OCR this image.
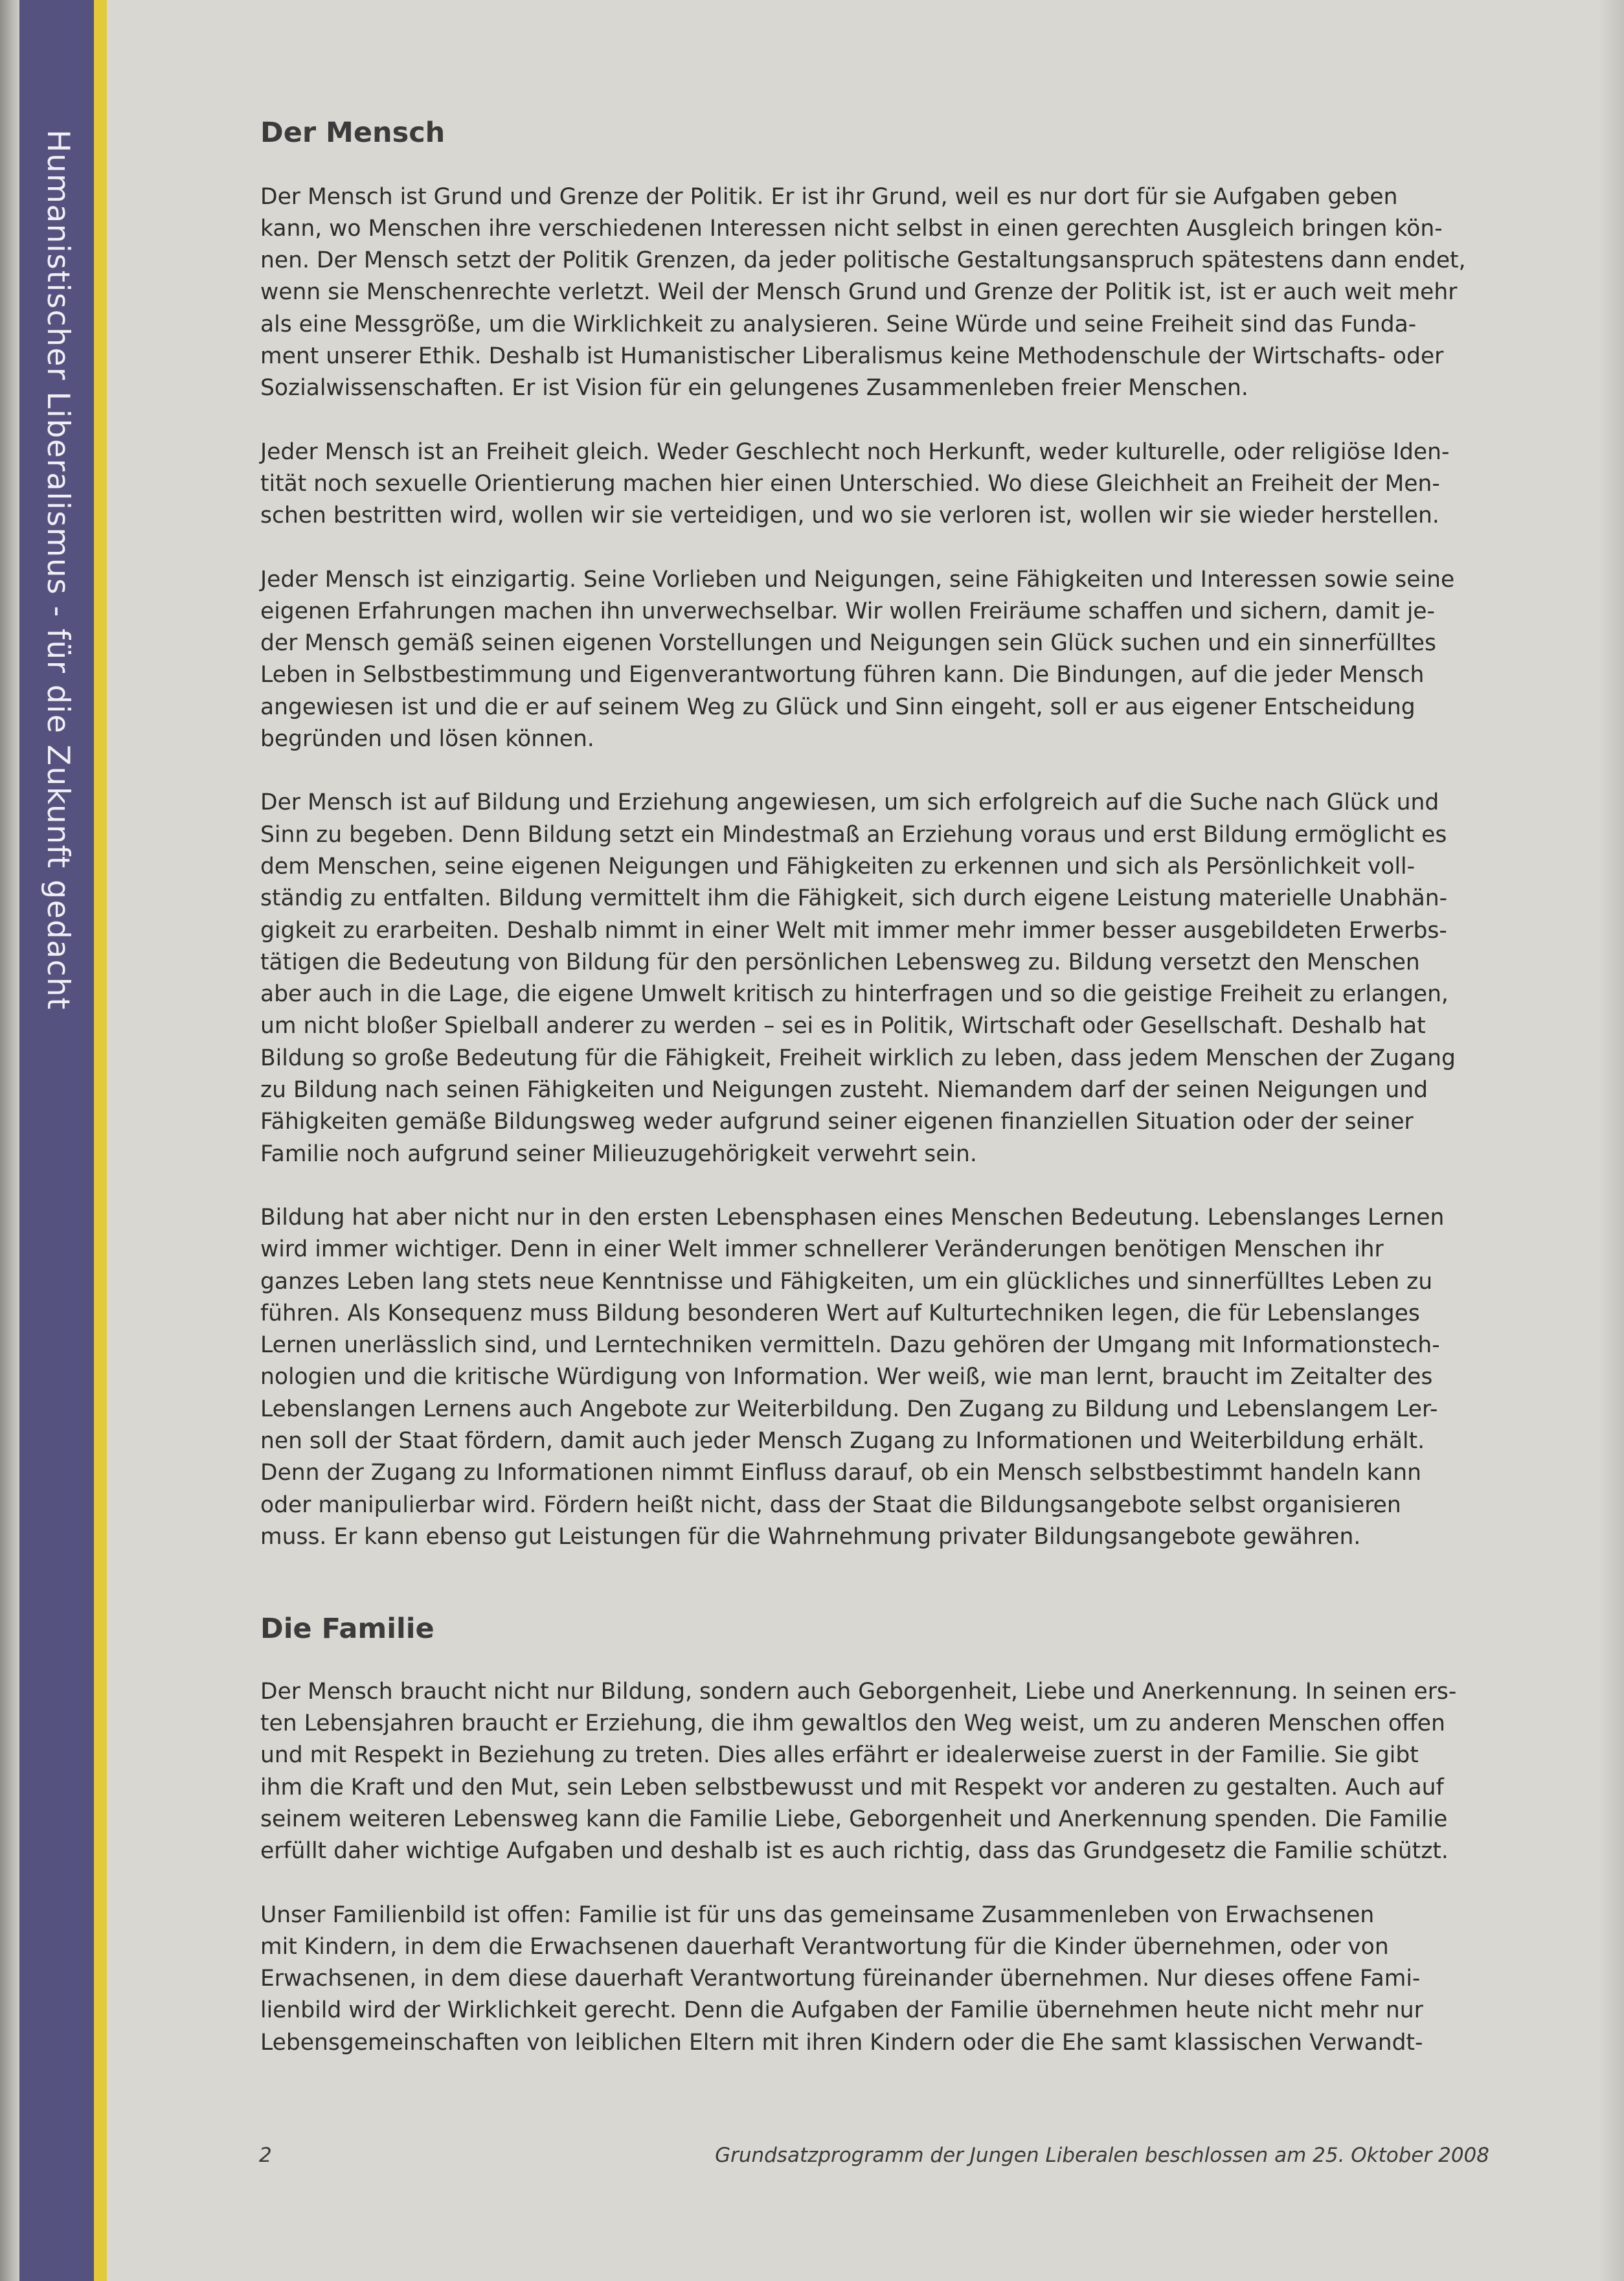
Humanistischer Liberalismus - für die Zukunft gedacht	Der Mensch

Der Mensch ist Grund und Grenze der Politik. Er ist ihr Grund, weil es nur dort für sie Aufgaben geben
kann, wo Menschen ihre verschiedenen Interessen nicht selbst in einen gerechten Ausgleich bringen kön-
nen. Der Mensch setzt der Politik Grenzen, da jeder politische Gestaltungsanspruch spätestens dann endet,
wenn sie Menschenrechte verletzt. Weil der Mensch Grund und Grenze der Politik ist, ist er auch weit mehr
als eine Messgröße, um die Wirklichkeit zu analysieren. Seine Würde und seine Freiheit sind das Funda-
ment unserer Ethik. Deshalb ist Humanistischer Liberalismus keine Methodenschule der Wirtschafts- oder
Sozialwissenschaften. Er ist Vision für ein gelungenes Zusammenleben freier Menschen.

Jeder Mensch ist an Freiheit gleich. Weder Geschlecht noch Herkunft, weder kulturelle, oder religiöse Iden-
tität noch sexuelle Orientierung machen hier einen Unterschied. Wo diese Gleichheit an Freiheit der Men-
schen bestritten wird, wollen wir sie verteidigen, und wo sie verloren ist, wollen wir sie wieder herstellen.

Jeder Mensch ist einzigartig. Seine Vorlieben und Neigungen, seine Fähigkeiten und Interessen sowie seine
eigenen Erfahrungen machen ihn unverwechselbar. Wir wollen Freiräume schaffen und sichern, damit je-
der Mensch gemäß seinen eigenen Vorstellungen und Neigungen sein Glück suchen und ein sinnerfülltes
Leben in Selbstbestimmung und Eigenverantwortung führen kann. Die Bindungen, auf die jeder Mensch
angewiesen ist und die er auf seinem Weg zu Glück und Sinn eingeht, soll er aus eigener Entscheidung
begründen und lösen können.

Der Mensch ist auf Bildung und Erziehung angewiesen, um sich erfolgreich auf die Suche nach Glück und
Sinn zu begeben. Denn Bildung setzt ein Mindestmaß an Erziehung voraus und erst Bildung ermöglicht es
dem Menschen, seine eigenen Neigungen und Fähigkeiten zu erkennen und sich als Persönlichkeit voll-
ständig zu entfalten. Bildung vermittelt ihm die Fähigkeit, sich durch eigene Leistung materielle Unabhän-
gigkeit zu erarbeiten. Deshalb nimmt in einer Welt mit immer mehr immer besser ausgebildeten Erwerbs-
tätigen die Bedeutung von Bildung für den persönlichen Lebensweg zu. Bildung versetzt den Menschen
aber auch in die Lage, die eigene Umwelt kritisch zu hinterfragen und so die geistige Freiheit zu erlangen,
um nicht bloßer Spielball anderer zu werden – sei es in Politik, Wirtschaft oder Gesellschaft. Deshalb hat
Bildung so große Bedeutung für die Fähigkeit, Freiheit wirklich zu leben, dass jedem Menschen der Zugang
zu Bildung nach seinen Fähigkeiten und Neigungen zusteht. Niemandem darf der seinen Neigungen und
Fähigkeiten gemäße Bildungsweg weder aufgrund seiner eigenen finanziellen Situation oder der seiner
Familie noch aufgrund seiner Milieuzugehörigkeit verwehrt sein.

Bildung hat aber nicht nur in den ersten Lebensphasen eines Menschen Bedeutung. Lebenslanges Lernen
wird immer wichtiger. Denn in einer Welt immer schnellerer Veränderungen benötigen Menschen ihr
ganzes Leben lang stets neue Kenntnisse und Fähigkeiten, um ein glückliches und sinnerfülltes Leben zu
führen. Als Konsequenz muss Bildung besonderen Wert auf Kulturtechniken legen, die für Lebenslanges
Lernen unerlässlich sind, und Lerntechniken vermitteln. Dazu gehören der Umgang mit Informationstech-
nologien und die kritische Würdigung von Information. Wer weiß, wie man lernt, braucht im Zeitalter des
Lebenslangen Lernens auch Angebote zur Weiterbildung. Den Zugang zu Bildung und Lebenslangem Ler-
nen soll der Staat fördern, damit auch jeder Mensch Zugang zu Informationen und Weiterbildung erhält.
Denn der Zugang zu Informationen nimmt Einfluss darauf, ob ein Mensch selbstbestimmt handeln kann
oder manipulierbar wird. Fördern heißt nicht, dass der Staat die Bildungsangebote selbst organisieren
muss. Er kann ebenso gut Leistungen für die Wahrnehmung privater Bildungsangebote gewähren.

Die Familie

Der Mensch braucht nicht nur Bildung, sondern auch Geborgenheit, Liebe und Anerkennung. In seinen ers-
ten Lebensjahren braucht er Erziehung, die ihm gewaltlos den Weg weist, um zu anderen Menschen offen
und mit Respekt in Beziehung zu treten. Dies alles erfährt er idealerweise zuerst in der Familie. Sie gibt
ihm die Kraft und den Mut, sein Leben selbstbewusst und mit Respekt vor anderen zu gestalten. Auch auf
seinem weiteren Lebensweg kann die Familie Liebe, Geborgenheit und Anerkennung spenden. Die Familie
erfüllt daher wichtige Aufgaben und deshalb ist es auch richtig, dass das Grundgesetz die Familie schützt.

Unser Familienbild ist offen: Familie ist für uns das gemeinsame Zusammenleben von Erwachsenen
mit Kindern, in dem die Erwachsenen dauerhaft Verantwortung für die Kinder übernehmen, oder von
Erwachsenen, in dem diese dauerhaft Verantwortung füreinander übernehmen. Nur dieses offene Fami-
lienbild wird der Wirklichkeit gerecht. Denn die Aufgaben der Familie übernehmen heute nicht mehr nur
Lebensgemeinschaften von leiblichen Eltern mit ihren Kindern oder die Ehe samt klassischen Verwandt-

2	Grundsatzprogramm der Jungen Liberalen beschlossen am 25. Oktober 2008
